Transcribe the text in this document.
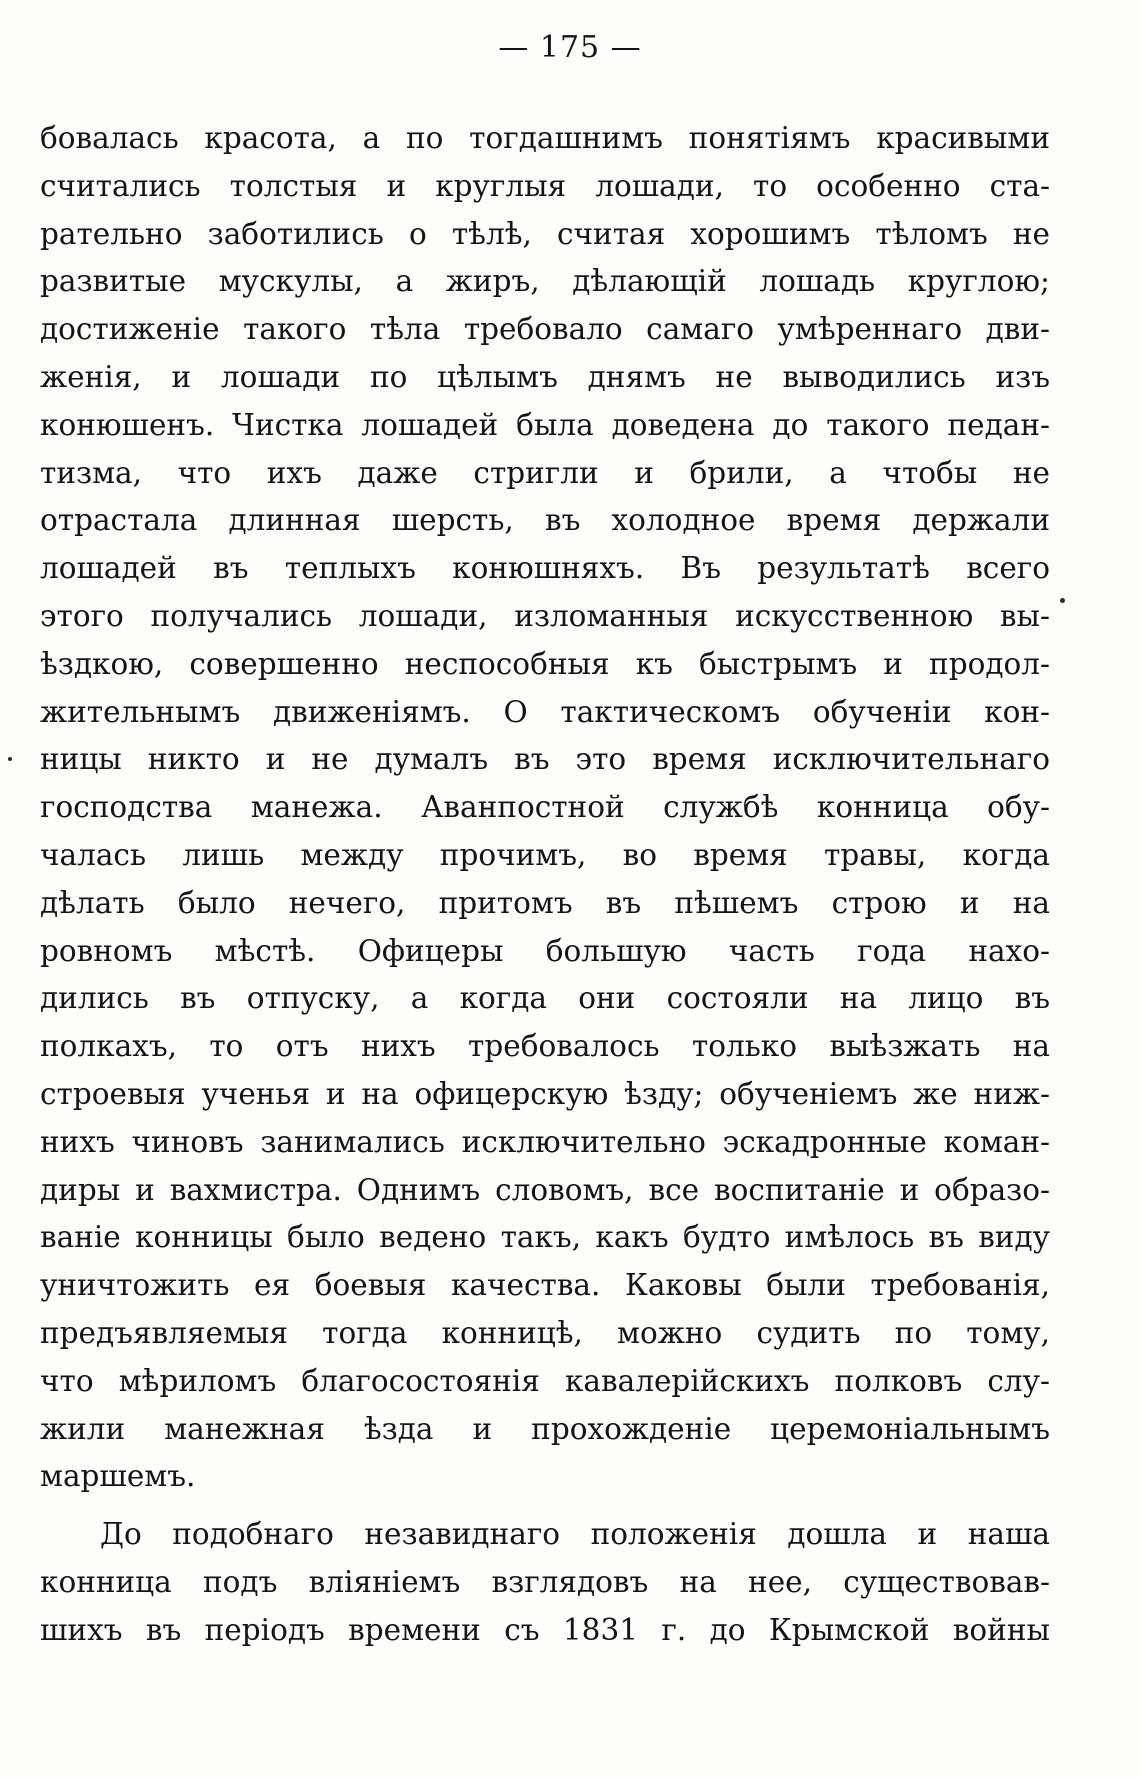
— 175 —
бовалась красота, а по тогдашнимъ понятіямъ красивыми
считались толстыя и круглыя лошади, то особенно ста-
рательно заботились о тѣлѣ, считая хорошимъ тѣломъ не
развитые мускулы, а жиръ, дѣлающій лошадь круглою;
достиженіе такого тѣла требовало самаго умѣреннаго дви-
женія, и лошади по цѣлымъ днямъ не выводились изъ
конюшенъ. Чистка лошадей была доведена до такого педан-
тизма, что ихъ даже стригли и брили, а чтобы не
отрастала длинная шерсть, въ холодное время держали
лошадей въ теплыхъ конюшняхъ. Въ результатѣ всего
этого получались лошади, изломанныя искусственною вы-
ѣздкою, совершенно неспособныя къ быстрымъ и продол-
жительнымъ движеніямъ. О тактическомъ обученіи кон-
ницы никто и не думалъ въ это время исключительнаго
господства манежа. Аванпостной службѣ конница обу-
чалась лишь между прочимъ, во время травы, когда
дѣлать было нечего, притомъ въ пѣшемъ строю и на
ровномъ мѣстѣ. Офицеры большую часть года нахо-
дились въ отпуску, а когда они состояли на лицо въ
полкахъ, то отъ нихъ требовалось только выѣзжать на
строевыя ученья и на офицерскую ѣзду; обученіемъ же ниж-
нихъ чиновъ занимались исключительно эскадронные коман-
диры и вахмистра. Однимъ словомъ, все воспитаніе и образо-
ваніе конницы было ведено такъ, какъ будто имѣлось въ виду
уничтожить ея боевыя качества. Каковы были требованія,
предъявляемыя тогда конницѣ, можно судить по тому,
что мѣриломъ благосостоянія кавалерійскихъ полковъ слу-
жили манежная ѣзда и прохожденіе церемоніальнымъ
маршемъ.
До подобнаго незавиднаго положенія дошла и наша
конница подъ вліяніемъ взглядовъ на нее, существовав-
шихъ въ періодъ времени съ 1831 г. до Крымской войны
